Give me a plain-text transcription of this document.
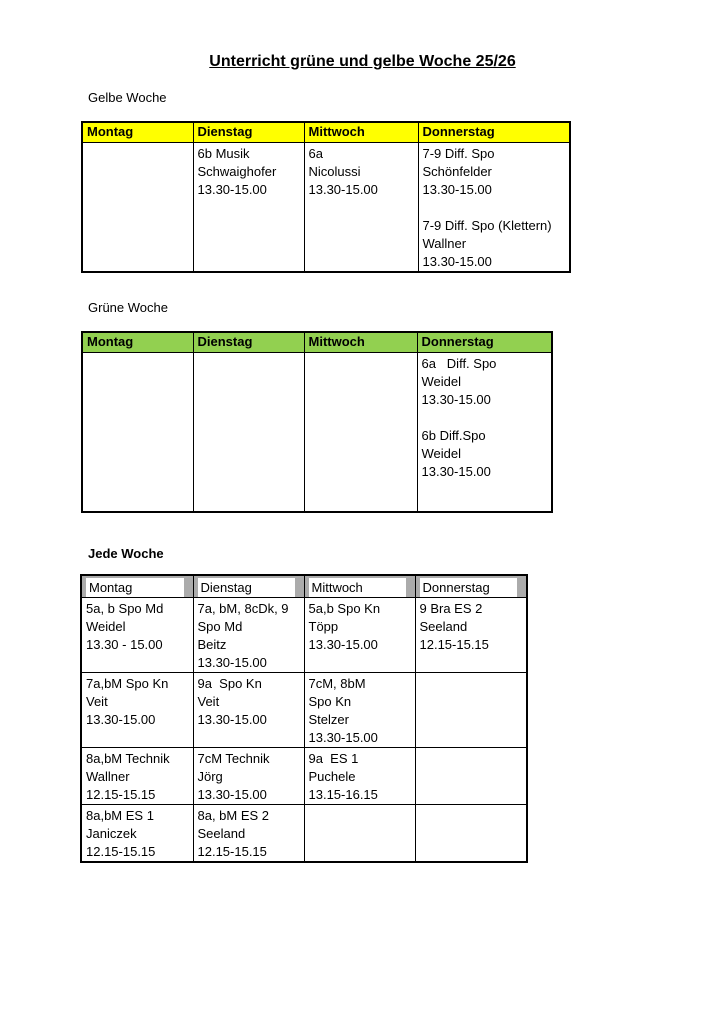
Unterricht grüne und gelbe Woche 25/26
Gelbe Woche
Montag	Dienstag	Mittwoch	Donnerstag
	6b Musik
Schwaighofer
13.30-15.00	6a
Nicolussi
13.30-15.00	7-9 Diff. Spo
Schönfelder
13.30-15.00

7-9 Diff. Spo (Klettern)
Wallner
13.30-15.00
Grüne Woche
Montag	Dienstag	Mittwoch	Donnerstag
			6a   Diff. Spo
Weidel
13.30-15.00

6b Diff.Spo
Weidel
13.30-15.00
Jede Woche
Montag	Dienstag	Mittwoch	Donnerstag

5a, b Spo Md
Weidel
13.30 - 15.00	7a, bM, 8cDk, 9
Spo Md
Beitz
13.30-15.00	5a,b Spo Kn
Töpp
13.30-15.00	9 Bra ES 2
Seeland
12.15-15.15
7a,bM Spo Kn
Veit
13.30-15.00	9a  Spo Kn
Veit
13.30-15.00	7cM, 8bM
Spo Kn
Stelzer
13.30-15.00	
8a,bM Technik
Wallner
12.15-15.15	7cM Technik
Jörg
13.30-15.00	9a  ES 1
Puchele
13.15-16.15	
8a,bM ES 1
Janiczek
12.15-15.15	8a, bM ES 2
Seeland
12.15-15.15		
